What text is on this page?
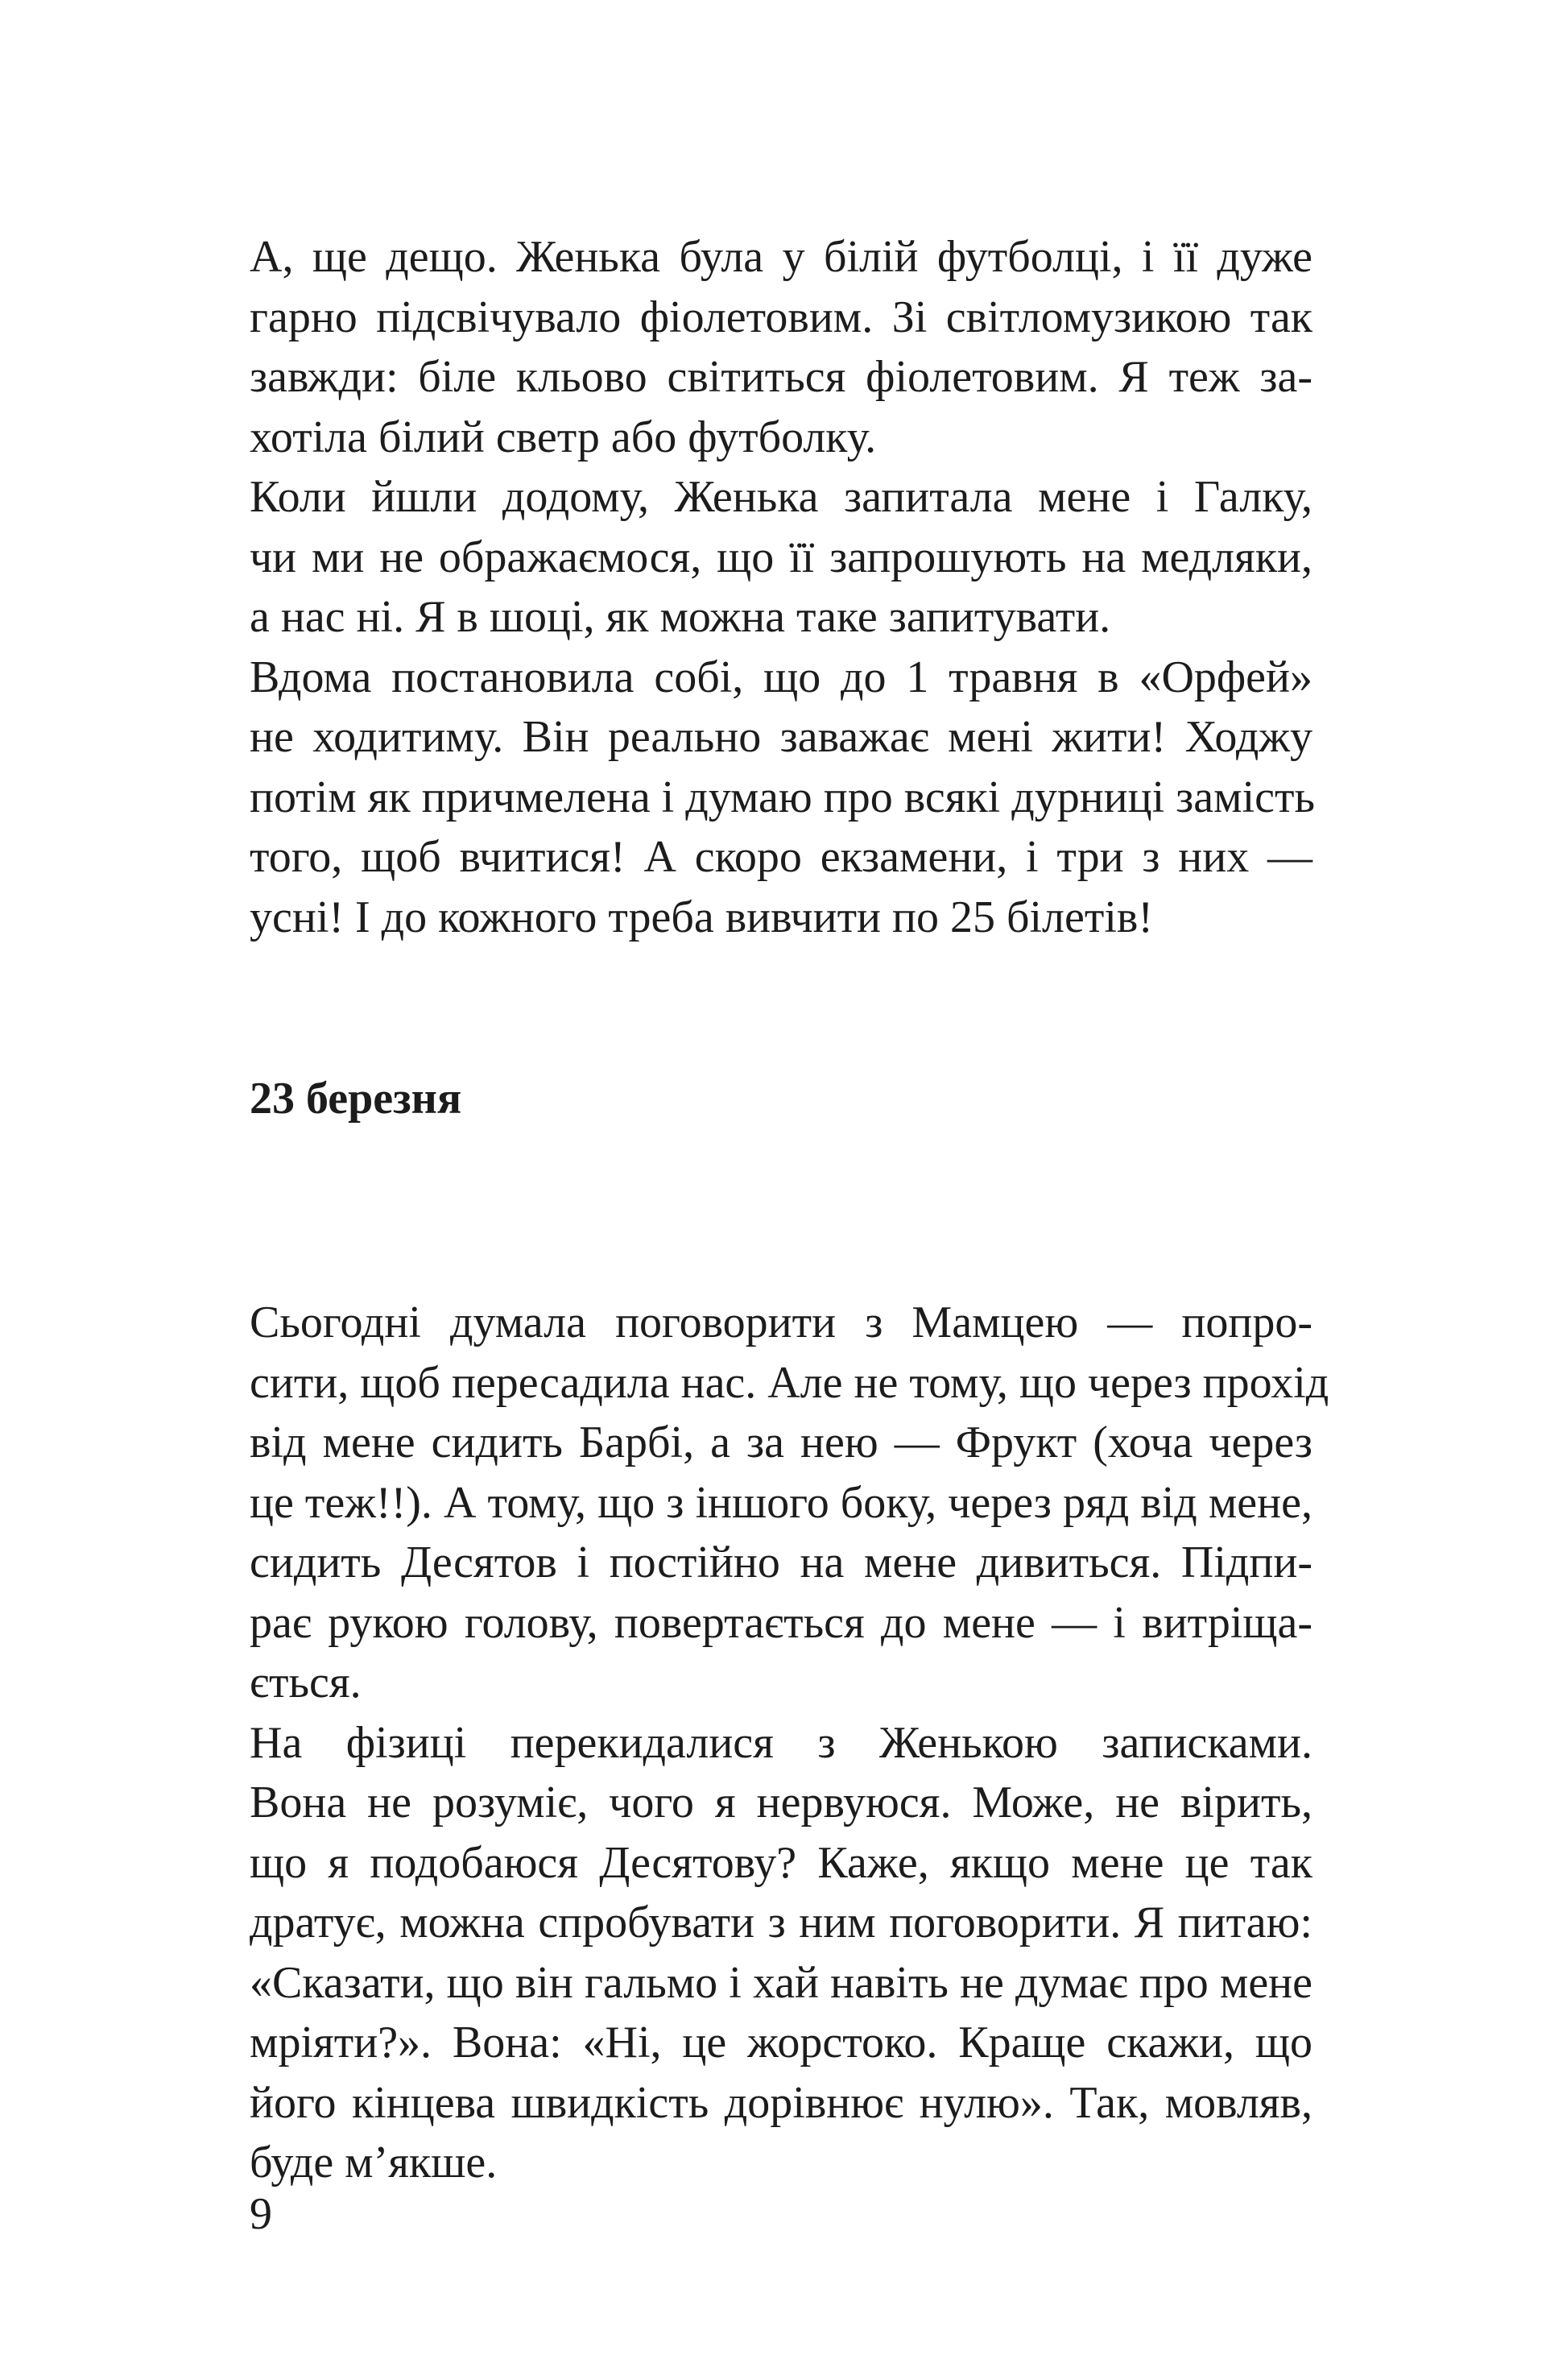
А, ще дещо. Женька була у білій футболці, і її дуже
гарно підсвічувало фіолетовим. Зі світломузикою так
завжди: біле кльово світиться фіолетовим. Я теж за-
хотіла білий светр або футболку.
Коли йшли додому, Женька запитала мене і Галку,
чи ми не ображаємося, що її запрошують на медляки,
а нас ні. Я в шоці, як можна таке запитувати.
Вдома постановила собі, що до 1 травня в «Орфей»
не ходитиму. Він реально заважає мені жити! Ходжу
потім як причмелена і думаю про всякі дурниці замість
того, щоб вчитися! А скоро екзамени, і три з них —
усні! І до кожного треба вивчити по 25 білетів!
23 березня
Сьогодні думала поговорити з Мамцею — попро-
сити, щоб пересадила нас. Але не тому, що через прохід
від мене сидить Барбі, а за нею — Фрукт (хоча через
це теж!!). А тому, що з іншого боку, через ряд від мене,
сидить Десятов і постійно на мене дивиться. Підпи-
рає рукою голову, повертається до мене — і витріща-
ється.
На фізиці перекидалися з Женькою записками.
Вона не розуміє, чого я нервуюся. Може, не вірить,
що я подобаюся Десятову? Каже, якщо мене це так
дратує, можна спробувати з ним поговорити. Я питаю:
«Сказати, що він гальмо і хай навіть не думає про мене
мріяти?». Вона: «Ні, це жорстоко. Краще скажи, що
його кінцева швидкість дорівнює нулю». Так, мовляв,
буде м’якше.
9
